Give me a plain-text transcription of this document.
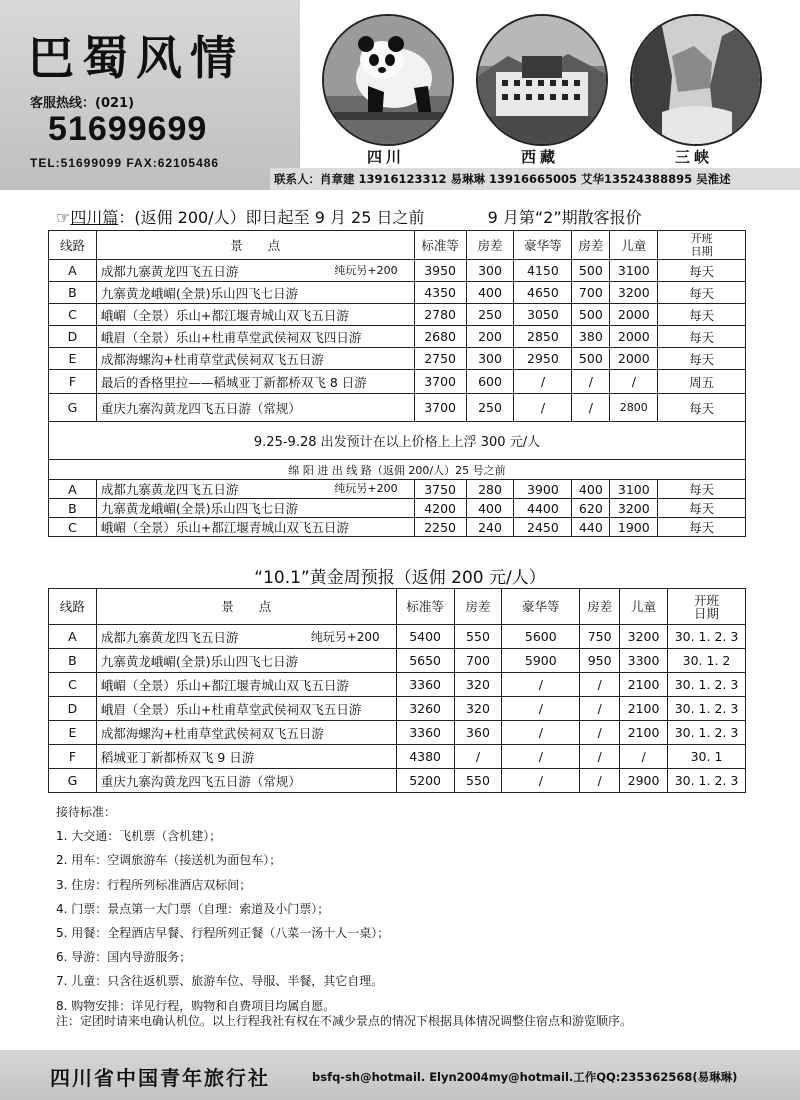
巴蜀风情
客服热线：(021)
51699699
TEL:51699099 FAX:62105486	四川	西藏	三峡
联系人：肖章建 13916123312 易琳琳 13916665005 艾华13524388895 吴淮述
☞四川篇：(返佣 200/人）即日起至 9 月 25 日之前	9 月第“2”期散客报价
线路	景　　点	标准等	房差	豪华等	房差	儿童	开班
日期
A	成都九寨黄龙四飞五日游 纯玩另+200	3950	300	4150	500	3100	每天
B	九寨黄龙峨嵋(全景)乐山四飞七日游	4350	400	4650	700	3200	每天
C	峨嵋（全景）乐山+都江堰青城山双飞五日游	2780	250	3050	500	2000	每天
D	峨眉（全景）乐山+杜甫草堂武侯祠双飞四日游	2680	200	2850	380	2000	每天
E	成都海螺沟+杜甫草堂武侯祠双飞五日游	2750	300	2950	500	2000	每天
F	最后的香格里拉——稻城亚丁新都桥双飞 8 日游	3700	600	/	/	/	周五
G	重庆九寨沟黄龙四飞五日游（常规）	3700	250	/	/	2800	每天
9.25-9.28 出发预计在以上价格上上浮 300 元/人							
绵 阳 进 出 线 路（返佣 200/人）25 号之前							
A	成都九寨黄龙四飞五日游 纯玩另+200	3750	280	3900	400	3100	每天
B	九寨黄龙峨嵋(全景)乐山四飞七日游	4200	400	4400	620	3200	每天
C	峨嵋（全景）乐山+都江堰青城山双飞五日游	2250	240	2450	440	1900	每天
“10.1”黄金周预报（返佣 200 元/人）
线路	景　　点	标准等	房差	豪华等	房差	儿童	开班
日期
A	成都九寨黄龙四飞五日游 纯玩另+200	5400	550	5600	750	3200	30. 1. 2. 3
B	九寨黄龙峨嵋(全景)乐山四飞七日游	5650	700	5900	950	3300	30. 1. 2
C	峨嵋（全景）乐山+都江堰青城山双飞五日游	3360	320	/	/	2100	30. 1. 2. 3
D	峨眉（全景）乐山+杜甫草堂武侯祠双飞五日游	3260	320	/	/	2100	30. 1. 2. 3
E	成都海螺沟+杜甫草堂武侯祠双飞五日游	3360	360	/	/	2100	30. 1. 2. 3
F	稻城亚丁新都桥双飞 9 日游	4380	/	/	/	/	30. 1
G	重庆九寨沟黄龙四飞五日游（常规）	5200	550	/	/	2900	30. 1. 2. 3
接待标准：
1. 大交通：飞机票（含机建）；
2. 用车：空调旅游车（接送机为面包车）；
3. 住房：行程所列标准酒店双标间；
4. 门票：景点第一大门票（自理：索道及小门票）；
5. 用餐：全程酒店早餐、行程所列正餐（八菜一汤十人一桌）；
6. 导游：国内导游服务；
7. 儿童：只含往返机票、旅游车位、导服、半餐，其它自理。
8. 购物安排：详见行程，购物和自费项目均属自愿。
注：定团时请来电确认机位。以上行程我社有权在不减少景点的情况下根据具体情况调整住宿点和游览顺序。
四川省中国青年旅行社	bsfq-sh@hotmail. Elyn2004my@hotmail.工作QQ:235362568(易琳琳)
